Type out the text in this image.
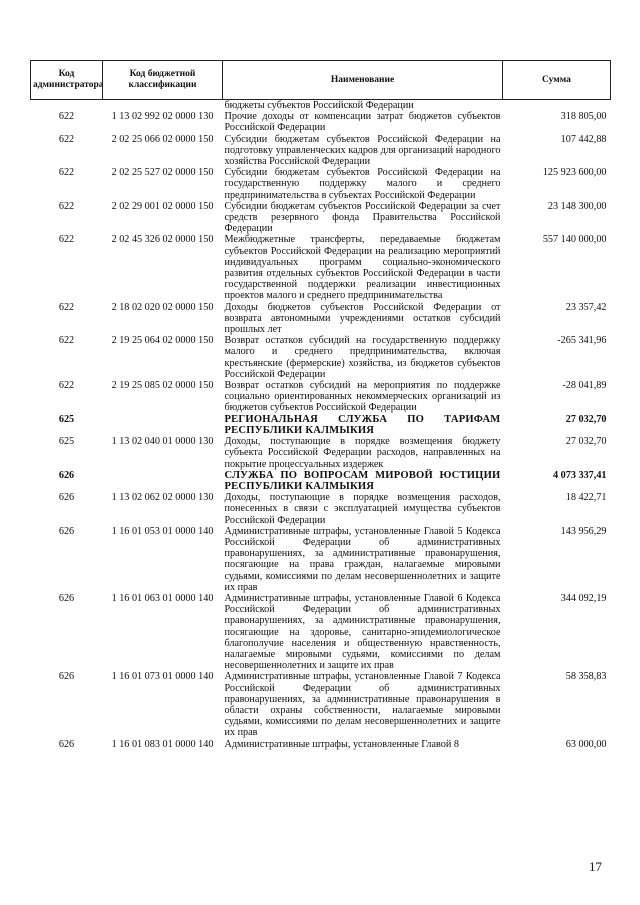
Код администратора	Код бюджетной классификации	Наименование	Сумма
		бюджеты субъектов Российской Федерации	
622	1 13 02 992 02 0000 130	Прочие доходы от компенсации затрат бюджетов субъектов Российской Федерации	318 805,00
622	2 02 25 066 02 0000 150	Субсидии бюджетам субъектов Российской Федерации на подготовку управленческих кадров для организаций народного хозяйства Российской Федерации	107 442,88
622	2 02 25 527 02 0000 150	Субсидии бюджетам субъектов Российской Федерации на государственную поддержку малого и среднего предпринимательства в субъектах Российской Федерации	125 923 600,00
622	2 02 29 001 02 0000 150	Субсидии бюджетам субъектов Российской Федерации за счет средств резервного фонда Правительства Российской Федерации	23 148 300,00
622	2 02 45 326 02 0000 150	Межбюджетные трансферты, передаваемые бюджетам субъектов Российской Федерации на реализацию мероприятий индивидуальных программ социально-экономического развития отдельных субъектов Российской Федерации в части государственной поддержки реализации инвестиционных проектов малого и среднего предпринимательства	557 140 000,00
622	2 18 02 020 02 0000 150	Доходы бюджетов субъектов Российской Федерации от возврата автономными учреждениями остатков субсидий прошлых лет	23 357,42
622	2 19 25 064 02 0000 150	Возврат остатков субсидий на государственную поддержку малого и среднего предпринимательства, включая крестьянские (фермерские) хозяйства, из бюджетов субъектов Российской Федерации	-265 341,96
622	2 19 25 085 02 0000 150	Возврат остатков субсидий на мероприятия по поддержке социально ориентированных некоммерческих организаций из бюджетов субъектов Российской Федерации	-28 041,89
625		РЕГИОНАЛЬНАЯ СЛУЖБА ПО ТАРИФАМ РЕСПУБЛИКИ КАЛМЫКИЯ	27 032,70
625	1 13 02 040 01 0000 130	Доходы, поступающие в порядке возмещения бюджету субъекта Российской Федерации расходов, направленных на покрытие процессуальных издержек	27 032,70
626		СЛУЖБА ПО ВОПРОСАМ МИРОВОЙ ЮСТИЦИИ РЕСПУБЛИКИ КАЛМЫКИЯ	4 073 337,41
626	1 13 02 062 02 0000 130	Доходы, поступающие в порядке возмещения расходов, понесенных в связи с эксплуатацией имущества субъектов Российской Федерации	18 422,71
626	1 16 01 053 01 0000 140	Административные штрафы, установленные Главой 5 Кодекса Российской Федерации об административных правонарушениях, за административные правонарушения, посягающие на права граждан, налагаемые мировыми судьями, комиссиями по делам несовершеннолетних и защите их прав	143 956,29
626	1 16 01 063 01 0000 140	Административные штрафы, установленные Главой 6 Кодекса Российской Федерации об административных правонарушениях, за административные правонарушения, посягающие на здоровье, санитарно-эпидемиологическое благополучие населения и общественную нравственность, налагаемые мировыми судьями, комиссиями по делам несовершеннолетних и защите их прав	344 092,19
626	1 16 01 073 01 0000 140	Административные штрафы, установленные Главой 7 Кодекса Российской Федерации об административных правонарушениях, за административные правонарушения в области охраны собственности, налагаемые мировыми судьями, комиссиями по делам несовершеннолетних и защите их прав	58 358,83
626	1 16 01 083 01 0000 140	Административные штрафы, установленные Главой 8	63 000,00
17
